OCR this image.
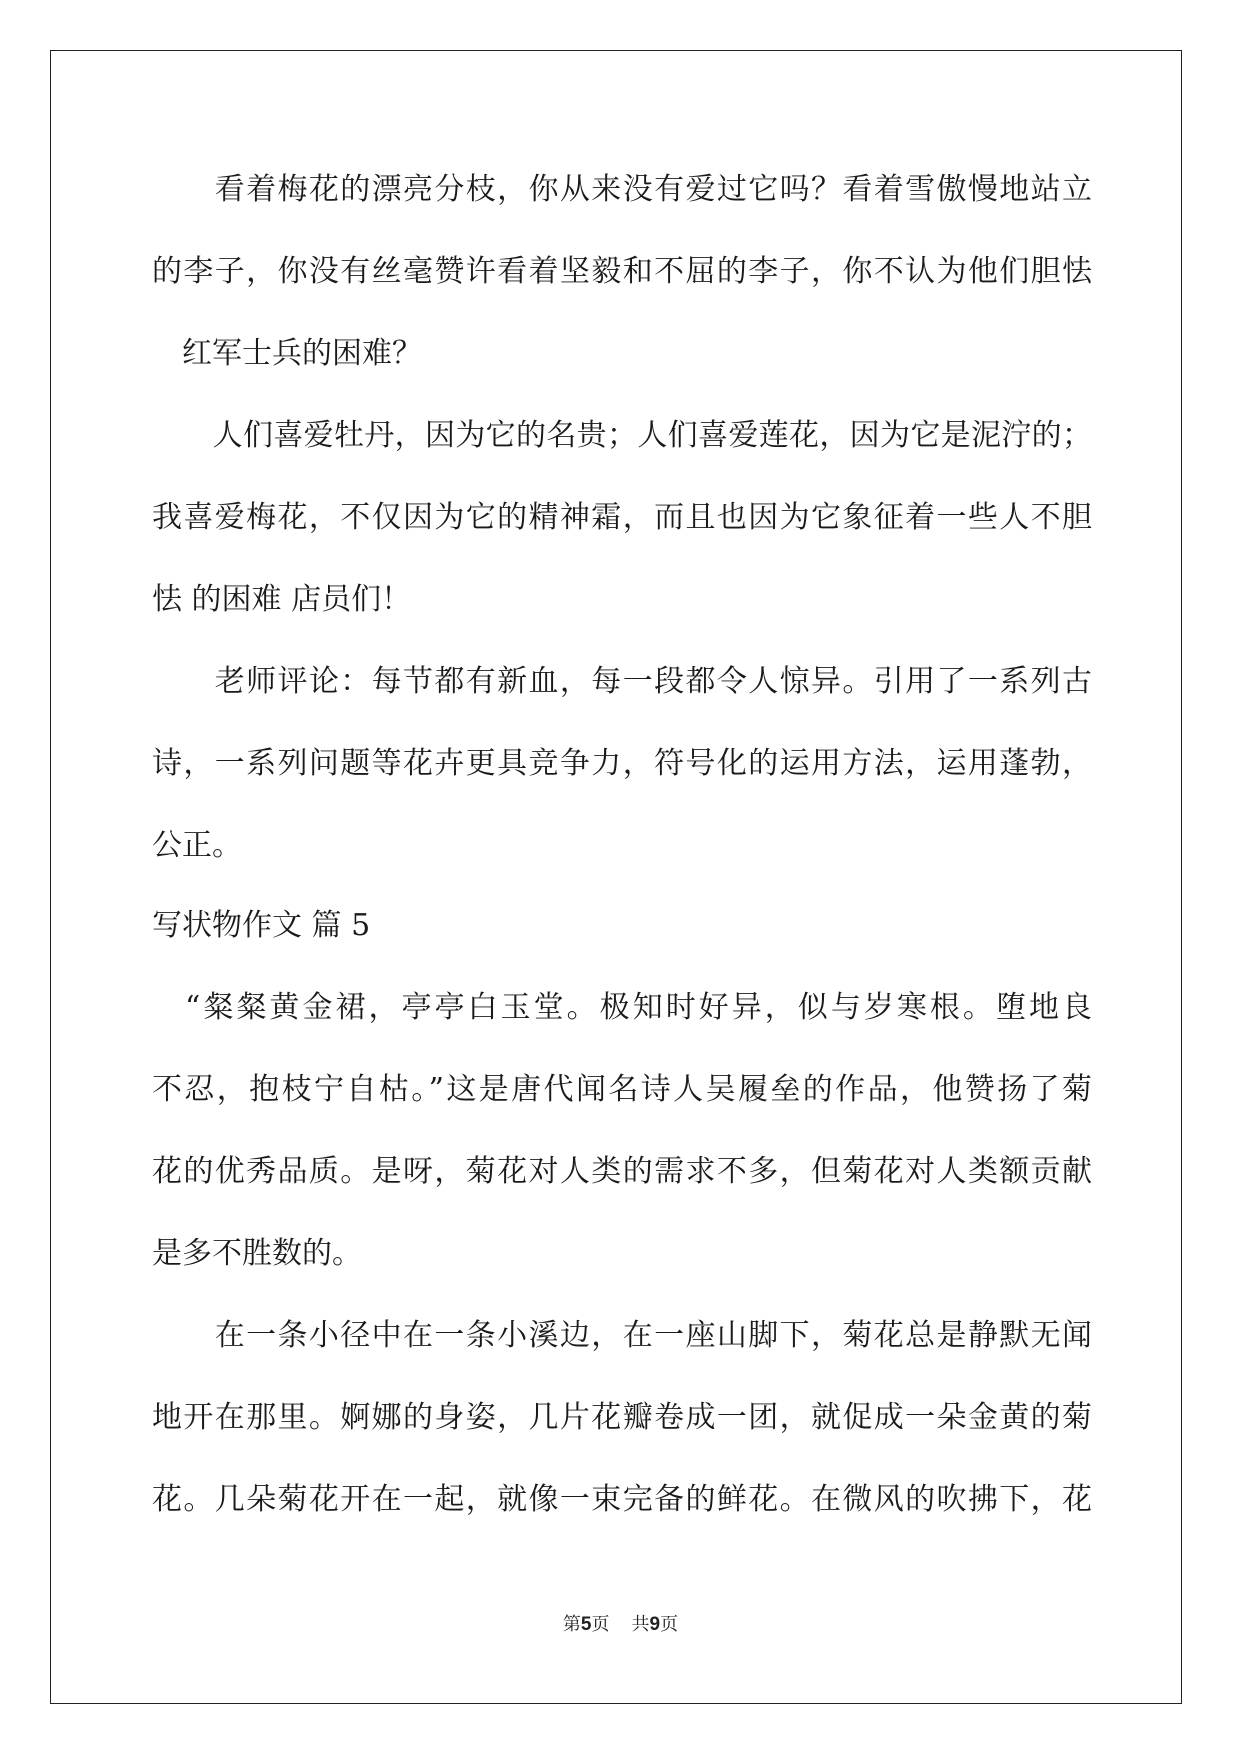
　　看着梅花的漂亮分枝，你从来没有爱过它吗？看着雪傲慢地站立
的李子，你没有丝毫赞许看着坚毅和不屈的李子，你不认为他们胆怯
　红军士兵的困难？
　　人们喜爱牡丹，因为它的名贵；人们喜爱莲花，因为它是泥泞的；
我喜爱梅花，不仅因为它的精神霜，而且也因为它象征着一些人不胆
怯 的困难 店员们！
　　老师评论：每节都有新血，每一段都令人惊异。引用了一系列古
诗，一系列问题等花卉更具竞争力，符号化的运用方法，运用蓬勃，
公正。
写状物作文 篇 5
　“粲粲黄金裙，亭亭白玉堂。极知时好异，似与岁寒根。堕地良
不忍，抱枝宁自枯。”这是唐代闻名诗人吴履垒的作品，他赞扬了菊
花的优秀品质。是呀，菊花对人类的需求不多，但菊花对人类额贡献
是多不胜数的。
　　在一条小径中在一条小溪边，在一座山脚下，菊花总是静默无闻
地开在那里。婀娜的身姿，几片花瓣卷成一团，就促成一朵金黄的菊
花。几朵菊花开在一起，就像一束完备的鲜花。在微风的吹拂下，花
第5页 共9页
